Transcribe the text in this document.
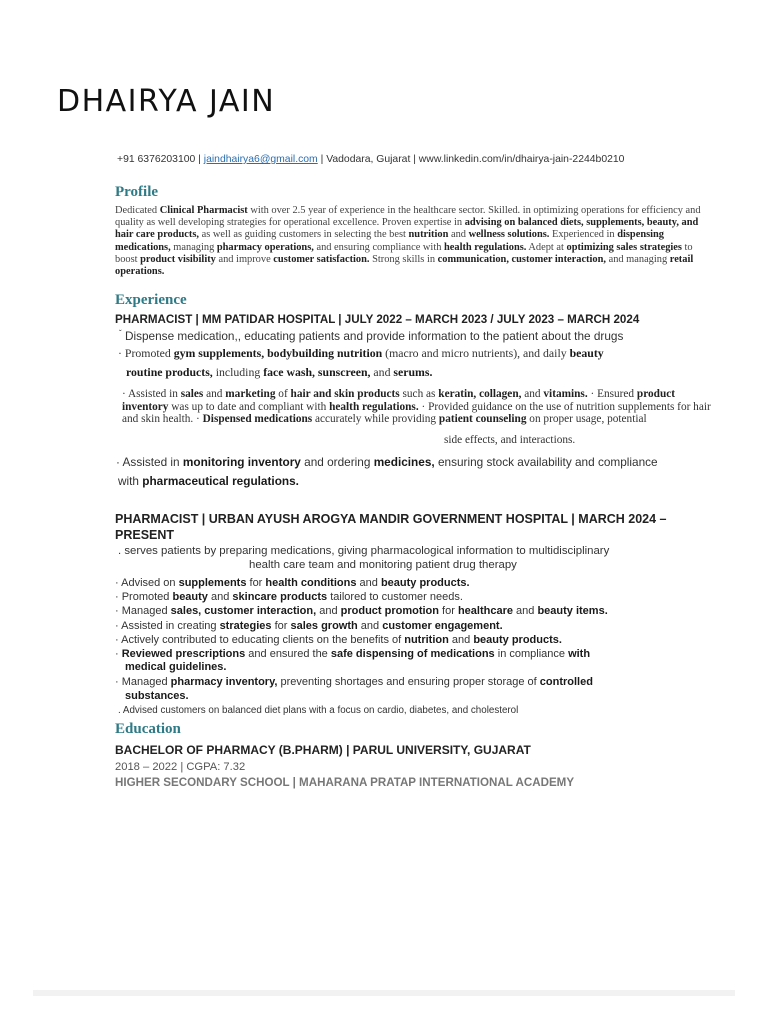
DHAIRYA JAIN
+91 6376203100 | jaindhairya6@gmail.com | Vadodara, Gujarat | www.linkedin.com/in/dhairya-jain-2244b0210
Profile
Dedicated Clinical Pharmacist with over 2.5 year of experience in the healthcare sector. Skilled. in optimizing operations for efficiency and quality as well developing strategies for operational excellence. Proven expertise in advising on balanced diets, supplements, beauty, and hair care products, as well as guiding customers in selecting the best nutrition and wellness solutions. Experienced in dispensing medications, managing pharmacy operations, and ensuring compliance with health regulations. Adept at optimizing sales strategies to boost product visibility and improve customer satisfaction. Strong skills in communication, customer interaction, and managing retail operations.
Experience
PHARMACIST | MM PATIDAR HOSPITAL | JULY 2022 – MARCH 2023 / JULY 2023 – MARCH 2024
$^ˇ$ Dispense medication,, educating patients and provide information to the patient about the drugs
· Promoted gym supplements, bodybuilding nutrition (macro and micro nutrients), and daily beauty
routine products, including face wash, sunscreen, and serums.
· Assisted in sales and marketing of hair and skin products such as keratin, collagen, and vitamins. · Ensured product inventory was up to date and compliant with health regulations. · Provided guidance on the use of nutrition supplements for hair and skin health. · Dispensed medications accurately while providing patient counseling on proper usage, potential
side effects, and interactions.
· Assisted in monitoring inventory and ordering medicines, ensuring stock availability and compliance
with pharmaceutical regulations.
PHARMACIST | URBAN AYUSH AROGYA MANDIR GOVERNMENT HOSPITAL | MARCH 2024 – PRESENT
. serves patients by preparing medications, giving pharmacological information to multidisciplinary
health care team and monitoring patient drug therapy
· Advised on supplements for health conditions and beauty products.
· Promoted beauty and skincare products tailored to customer needs.
· Managed sales, customer interaction, and product promotion for healthcare and beauty items.
· Assisted in creating strategies for sales growth and customer engagement.
· Actively contributed to educating clients on the benefits of nutrition and beauty products.
· Reviewed prescriptions and ensured the safe dispensing of medications in compliance with
medical guidelines.
· Managed pharmacy inventory, preventing shortages and ensuring proper storage of controlled
substances.
. Advised customers on balanced diet plans with a focus on cardio, diabetes, and cholesterol
Education
BACHELOR OF PHARMACY (B.PHARM) | PARUL UNIVERSITY, GUJARAT
2018 – 2022 | CGPA: 7.32
HIGHER SECONDARY SCHOOL | MAHARANA PRATAP INTERNATIONAL ACADEMY
